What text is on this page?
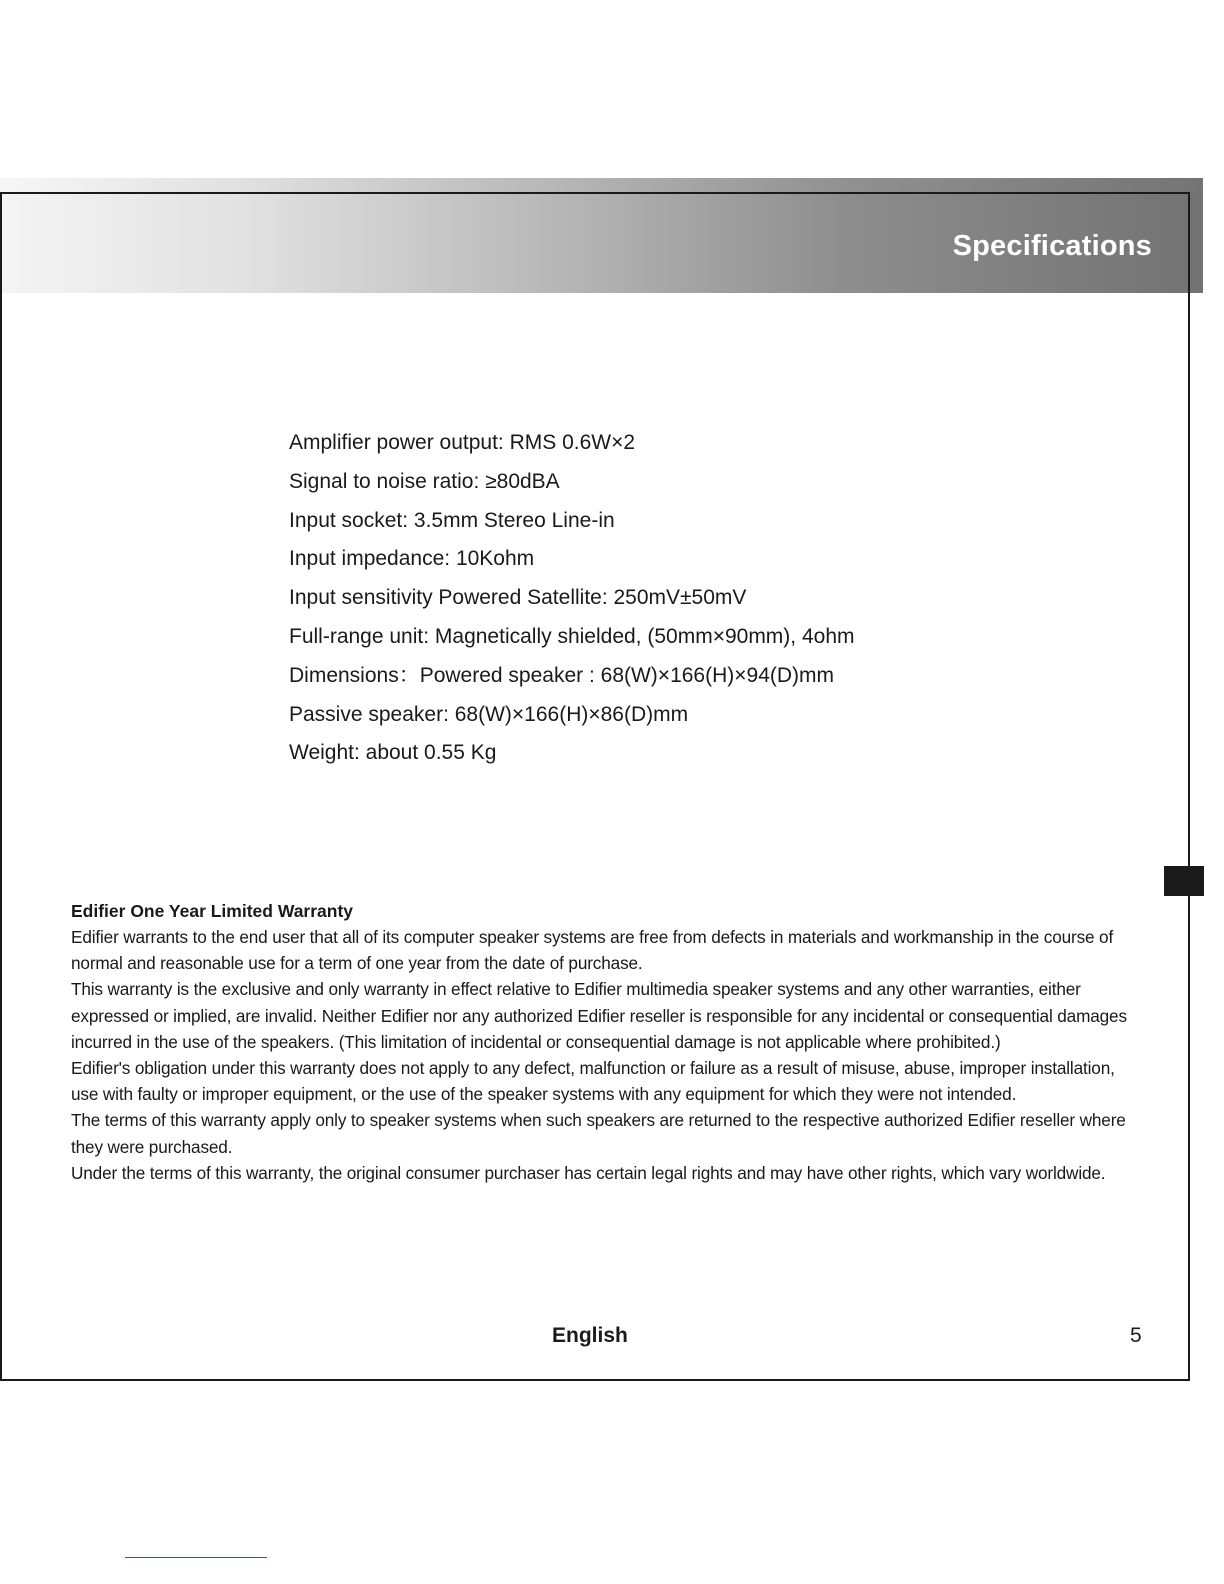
Specifications
Amplifier power output: RMS 0.6W×2
Signal to noise ratio: ≥80dBA
Input socket: 3.5mm Stereo Line-in
Input impedance: 10Kohm
Input sensitivity Powered Satellite: 250mV±50mV
Full-range unit: Magnetically shielded, (50mm×90mm), 4ohm
Dimensions：Powered speaker : 68(W)×166(H)×94(D)mm
Passive speaker: 68(W)×166(H)×86(D)mm
Weight: about 0.55 Kg
Edifier One Year Limited Warranty

Edifier warrants to the end user that all of its computer speaker systems are free from defects in materials and workmanship in the course of normal and reasonable use for a term of one year from the date of purchase.

This warranty is the exclusive and only warranty in effect relative to Edifier multimedia speaker systems and any other warranties, either expressed or implied, are invalid. Neither Edifier nor any authorized Edifier reseller is responsible for any incidental or consequential damages incurred in the use of the speakers. (This limitation of incidental or consequential damage is not applicable where prohibited.)

Edifier's obligation under this warranty does not apply to any defect, malfunction or failure as a result of misuse, abuse, improper installation, use with faulty or improper equipment, or the use of the speaker systems with any equipment for which they were not intended.

The terms of this warranty apply only to speaker systems when such speakers are returned to the respective authorized Edifier reseller where they were purchased.

Under the terms of this warranty, the original consumer purchaser has certain legal rights and may have other rights, which vary worldwide.

English	5
